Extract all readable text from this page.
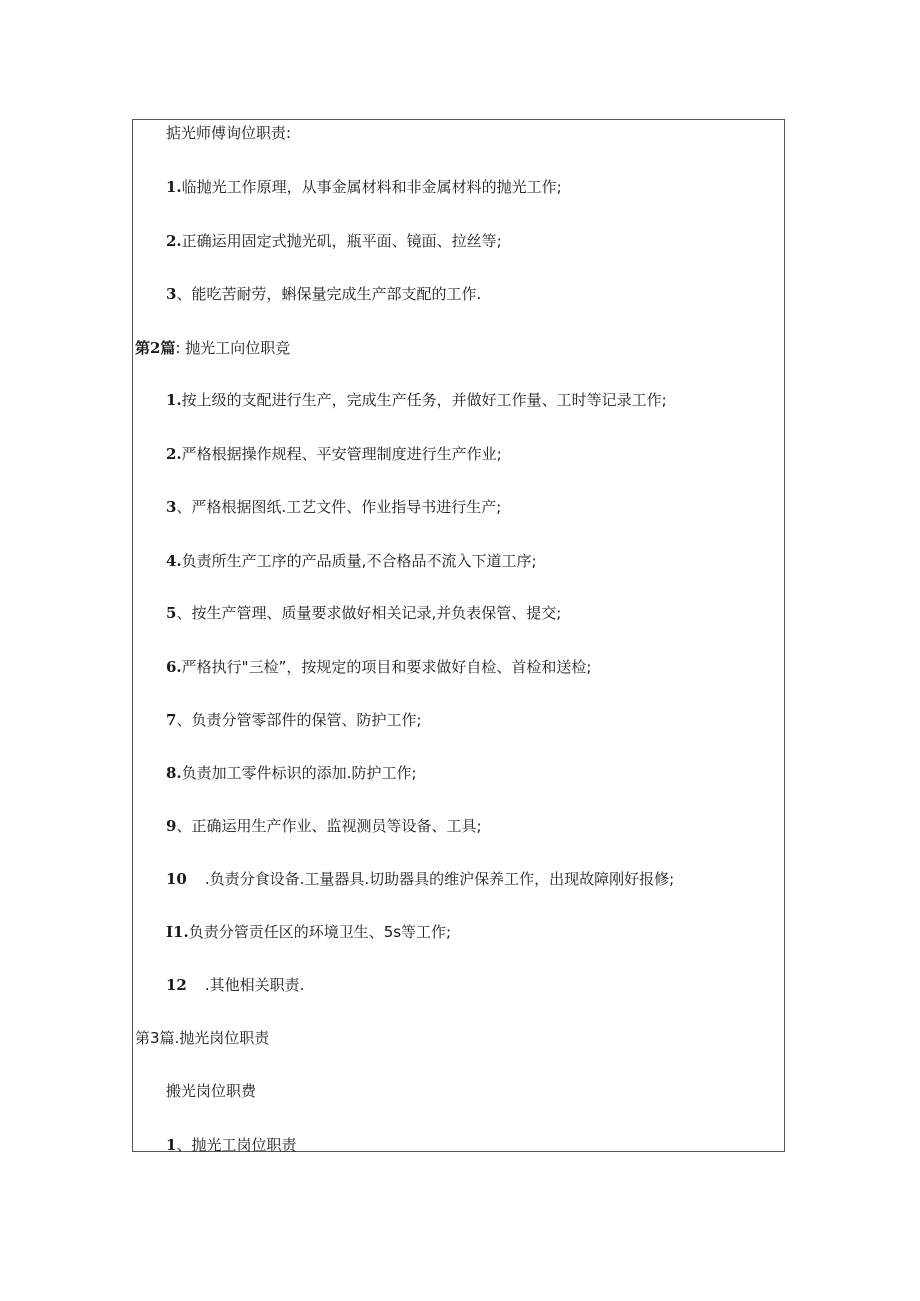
掂光师傅询位职责:
1.临抛光工作原理，从事金属材料和非金属材料的抛光工作;
2.正确运用固定式抛光矶，瓶平面、镜面、拉丝等;
3、能吃苦耐劳，蝌保量完成生产部支配的工作.
第2篇: 抛光工向位职竞
1.按上级的支配进行生产，完成生产任务，并做好工作量、工时等记录工作;
2.严格根据操作规程、平安管理制度进行生产作业;
3、严格根据图纸.工艺文件、作业指导书进行生产;
4.负责所生产工序的产品质量,不合格品不流入下道工序;
5、按生产管理、质量要求做好相关记录,并负表保管、提交;
6.严格执行"三检”，按规定的项目和要求做好自检、首检和送检;
7、负责分管零部件的保管、防护工作;
8.负责加工零件标识的添加.防护工作;
9、正确运用生产作业、监视测员等设备、工具;
10 .负责分食设备.工量器具.切助器具的维沪保养工作，出现故障刚好报修;
I1.负责分管贡任区的环境卫生、5s等工作;
12 .其他相关职责.
第3篇.抛光岗位职责
搬光岗位职费
1、抛光工岗位职责
